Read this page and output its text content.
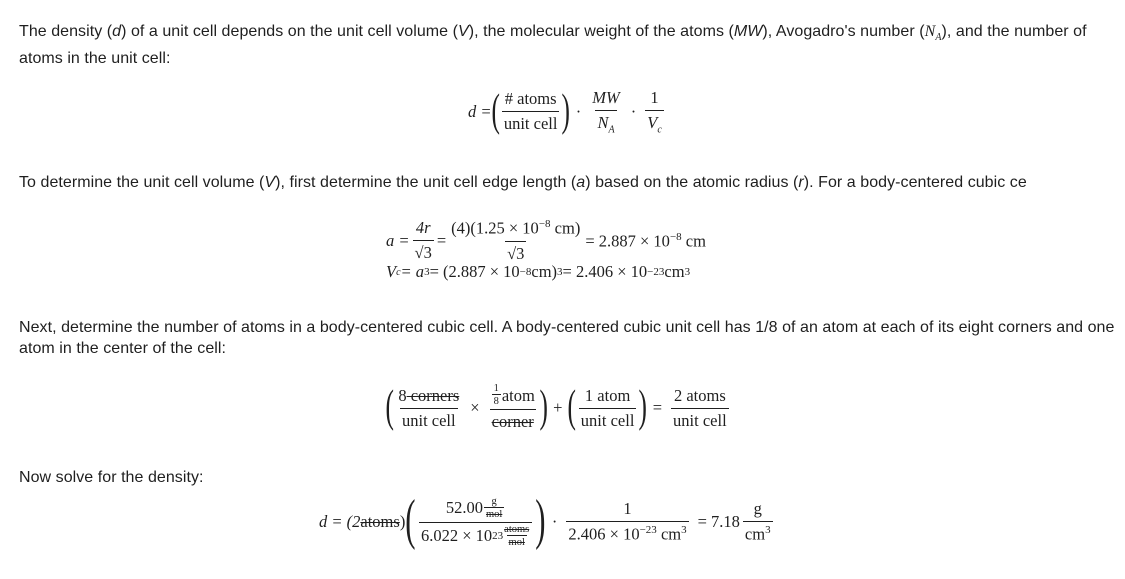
The density (d) of a unit cell depends on the unit cell volume (V), the molecular weight of the atoms (MW), Avogadro's number $(N_A)$, and the number of atoms in the unit cell:
d = ( $\frac{\text{\# atoms}}{\text{unit cell}}$ ) · $\frac{MW}{N_A} \cdot \frac{1}{V_c}$
To determine the unit cell volume (V), first determine the unit cell edge length (a) based on the atomic radius (r). For a body-centered cubic ce
$a = \frac{4r}{√3} = \frac{(4)(1.25 \times 10^{-8} cm)}{√3} = 2.887 \times 10^{-8}$ cm
V c = a 3 = (2.887 × 10 −8 cm) 3 = 2.406 × 10 −23 cm 3
Next, determine the number of atoms in a body-centered cubic cell. A body-centered cubic unit cell has 1/8 of an atom at each of its eight corners and one atom in the center of the cell:
( $\frac{\text{8 corners}}{\text{unit cell}} \times 1$
8 atom
corner ) + ( $\frac{\text{1 atom}}{\text{unit cell}}$ ) = $\frac{\text{2 atoms}}{\text{unit cell}}$
Now solve for the density:
d = (2 atoms ) ( 52.00 g
mol
6.022 × 10 23
atoms
mol ) · $\frac{1}{2.406 \times 10^{-23} cm^3} = 7.18 \frac{g}{cm^3}$
